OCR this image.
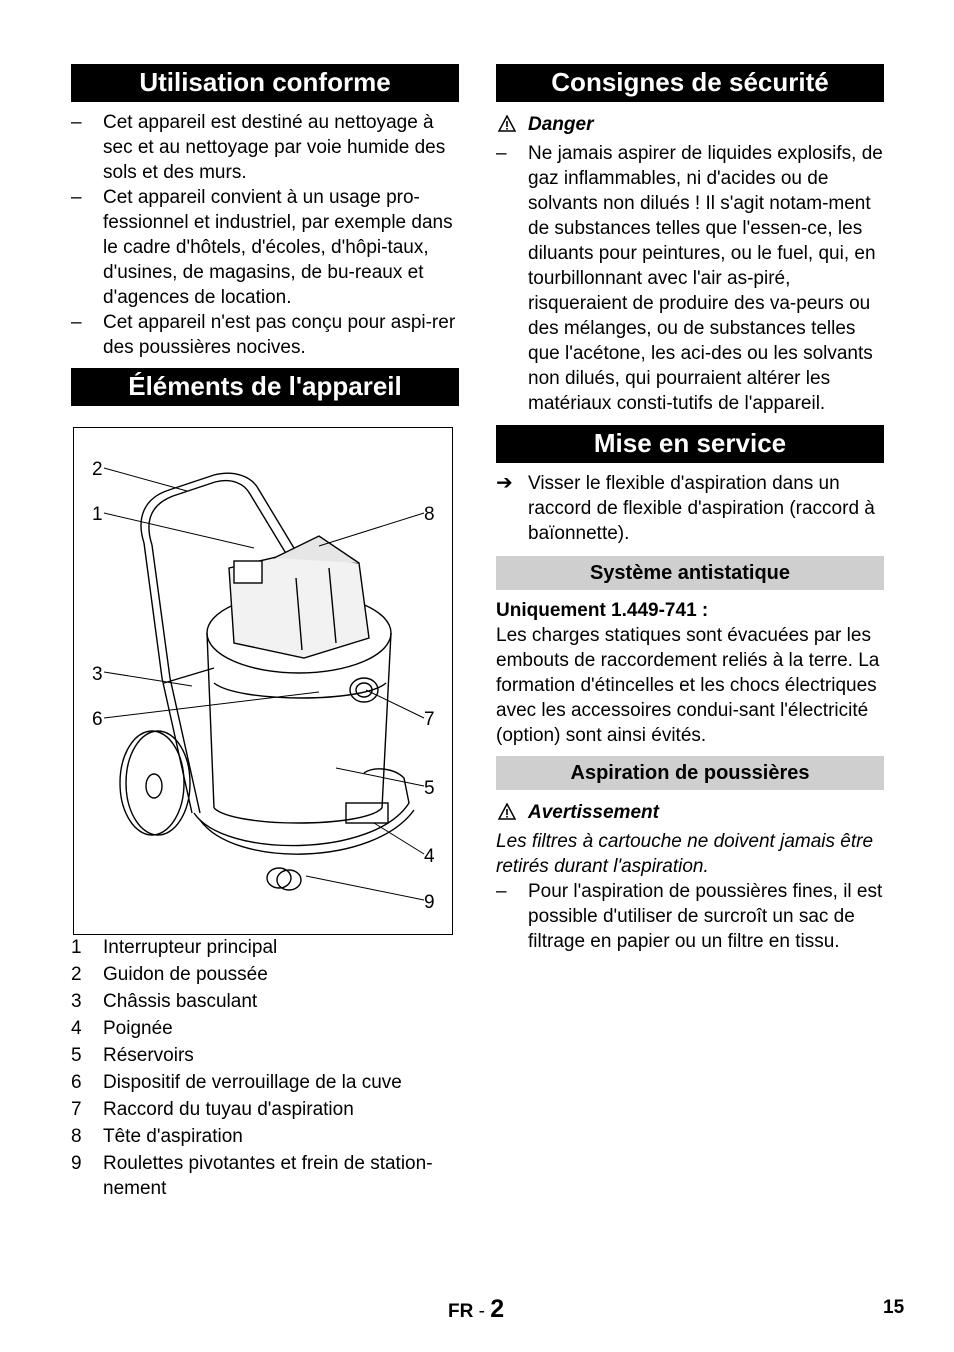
Utilisation conforme
– Cet appareil est destiné au nettoyage à sec et au nettoyage par voie humide des sols et des murs.
– Cet appareil convient à un usage pro-fessionnel et industriel, par exemple dans le cadre d'hôtels, d'écoles, d'hôpi-taux, d'usines, de magasins, de bu-reaux et d'agences de location.
– Cet appareil n'est pas conçu pour aspi-rer des poussières nocives.
Éléments de l'appareil
2
1
3
6
8
7
5
4
9
1 Interrupteur principal
2 Guidon de poussée
3 Châssis basculant
4 Poignée
5 Réservoirs
6 Dispositif de verrouillage de la cuve
7 Raccord du tuyau d'aspiration
8 Tête d'aspiration
9 Roulettes pivotantes et frein de station-nement
Consignes de sécurité
Danger
– Ne jamais aspirer de liquides explosifs, de gaz inflammables, ni d'acides ou de solvants non dilués ! Il s'agit notam-ment de substances telles que l'essen-ce, les diluants pour peintures, ou le fuel, qui, en tourbillonnant avec l'air as-piré, risqueraient de produire des va-peurs ou des mélanges, ou de substances telles que l'acétone, les aci-des ou les solvants non dilués, qui pourraient altérer les matériaux consti-tutifs de l'appareil.
Mise en service
➔ Visser le flexible d'aspiration dans un raccord de flexible d'aspiration (raccord à baïonnette).
Système antistatique
Uniquement 1.449-741 :
Les charges statiques sont évacuées par les embouts de raccordement reliés à la terre. La formation d'étincelles et les chocs électriques avec les accessoires condui-sant l'électricité (option) sont ainsi évités.
Aspiration de poussières
Avertissement
Les filtres à cartouche ne doivent jamais être retirés durant l'aspiration.
– Pour l'aspiration de poussières fines, il est possible d'utiliser de surcroît un sac de filtrage en papier ou un filtre en tissu.
FR - 2	15
